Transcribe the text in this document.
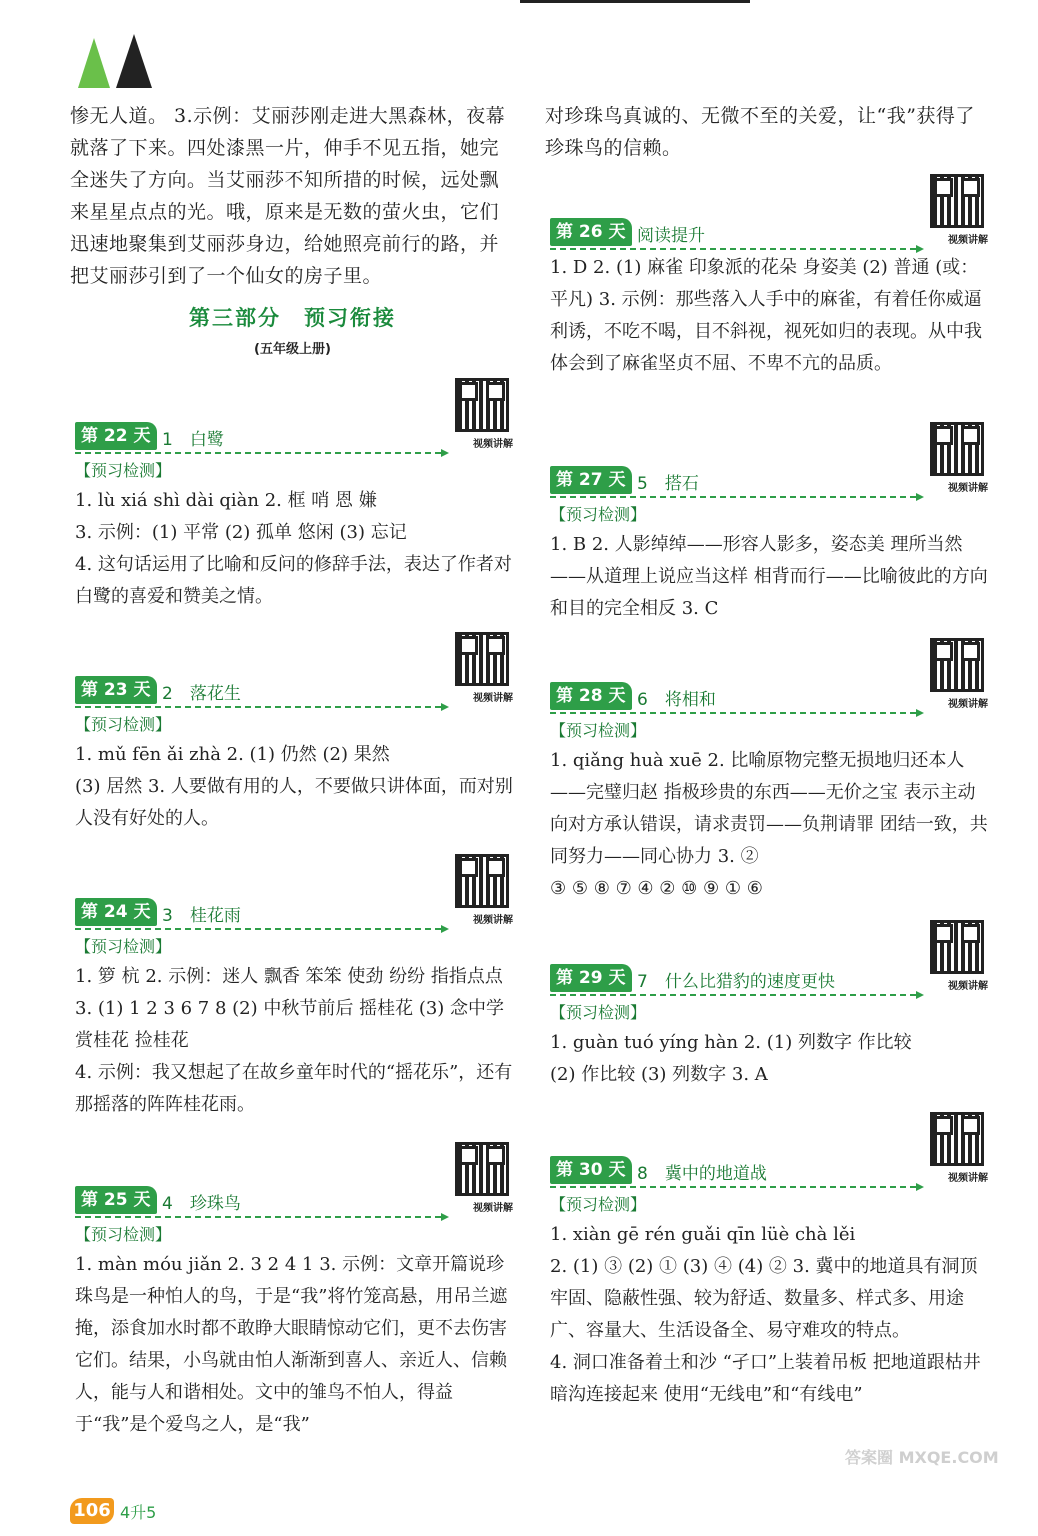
惨无人道。 3.示例：艾丽莎刚走进大黑森林，夜幕就落了下来。四处漆黑一片，伸手不见五指，她完全迷失了方向。当艾丽莎不知所措的时候，远处飘来星星点点的光。哦，原来是无数的萤火虫，它们迅速地聚集到艾丽莎身边，给她照亮前行的路，并把艾丽莎引到了一个仙女的房子里。

第三部分　预习衔接
(五年级上册)
第 22 天 1　白鹭	视频讲解
【预习检测】

1. lù xiá shì dài qiàn 2. 框 哨 恩 嫌

3. 示例：(1) 平常 (2) 孤单 悠闲 (3) 忘记

4. 这句话运用了比喻和反问的修辞手法，表达了作者对白鹭的喜爱和赞美之情。

第 23 天 2　落花生	视频讲解
【预习检测】

1. mǔ fēn ǎi zhà 2. (1) 仍然 (2) 果然

(3) 居然 3. 人要做有用的人，不要做只讲体面，而对别人没有好处的人。

第 24 天 3　桂花雨	视频讲解
【预习检测】

1. 箩 杭 2. 示例：迷人 飘香 笨笨 使劲 纷纷 指指点点 3. (1) 1 2 3 6 7 8 (2) 中秋节前后 摇桂花 (3) 念中学 赏桂花 捡桂花

4. 示例：我又想起了在故乡童年时代的“摇花乐”，还有那摇落的阵阵桂花雨。

第 25 天 4　珍珠鸟	视频讲解
【预习检测】

1. màn móu jiǎn 2. 3 2 4 1 3. 示例：文章开篇说珍珠鸟是一种怕人的鸟，于是“我”将竹笼高悬，用吊兰遮掩，添食加水时都不敢睁大眼睛惊动它们，更不去伤害它们。结果，小鸟就由怕人渐渐到喜人、亲近人、信赖人，能与人和谐相处。文中的雏鸟不怕人，得益于“我”是个爱鸟之人，是“我”

对珍珠鸟真诚的、无微不至的关爱，让“我”获得了珍珠鸟的信赖。

第 26 天 阅读提升	视频讲解

1. D 2. (1) 麻雀 印象派的花朵 身姿美 (2) 普通 (或：平凡) 3. 示例：那些落入人手中的麻雀，有着任你威逼利诱，不吃不喝，目不斜视，视死如归的表现。从中我体会到了麻雀坚贞不屈、不卑不亢的品质。

第 27 天 5　搭石	视频讲解
【预习检测】

1. B 2. 人影绰绰——形容人影多，姿态美 理所当然——从道理上说应当这样 相背而行——比喻彼此的方向和目的完全相反 3. C

第 28 天 6　将相和	视频讲解
【预习检测】

1. qiǎng huà xuē 2. 比喻原物完整无损地归还本人——完璧归赵 指极珍贵的东西——无价之宝 表示主动向对方承认错误，请求责罚——负荆请罪 团结一致，共同努力——同心协力 3. ②

③ ⑤ ⑧ ⑦ ④ ② ⑩ ⑨ ① ⑥

第 29 天 7　什么比猎豹的速度更快	视频讲解
【预习检测】

1. guàn tuó yíng hàn 2. (1) 列数字 作比较

(2) 作比较 (3) 列数字 3. A

第 30 天 8　冀中的地道战	视频讲解
【预习检测】

1. xiàn gē rén guǎi qīn lüè chà lěi

2. (1) ③ (2) ① (3) ④ (4) ② 3. 冀中的地道具有洞顶牢固、隐蔽性强、较为舒适、数量多、样式多、用途广、容量大、生活设备全、易守难攻的特点。

4. 洞口准备着土和沙 “孑口”上装着吊板 把地道跟枯井暗沟连接起来 使用“无线电”和“有线电”

106 4升5
答案圈 MXQE.COM
